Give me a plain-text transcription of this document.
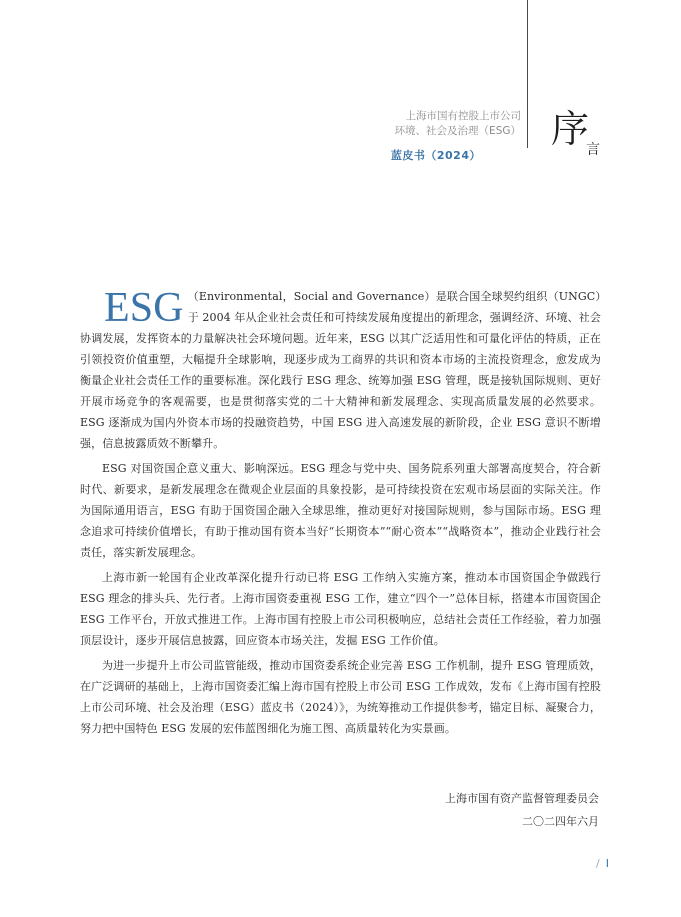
上海市国有控股上市公司
环境、社会及治理（ESG）
蓝皮书（2024）
序
言

ESG （Environmental，Social and Governance）是联合国全球契约组织（UNGC）于 2004 年从企业社会责任和可持续发展角度提出的新理念，强调经济、环境、社会协调发展，发挥资本的力量解决社会环境问题。近年来，ESG 以其广泛适用性和可量化评估的特质，正在引领投资价值重塑，大幅提升全球影响，现逐步成为工商界的共识和资本市场的主流投资理念，愈发成为衡量企业社会责任工作的重要标准。深化践行 ESG 理念、统筹加强 ESG 管理，既是接轨国际规则、更好开展市场竞争的客观需要，也是贯彻落实党的二十大精神和新发展理念、实现高质量发展的必然要求。ESG 逐渐成为国内外资本市场的投融资趋势，中国 ESG 进入高速发展的新阶段，企业 ESG 意识不断增强，信息披露质效不断攀升。

ESG 对国资国企意义重大、影响深远。ESG 理念与党中央、国务院系列重大部署高度契合，符合新时代、新要求，是新发展理念在微观企业层面的具象投影，是可持续投资在宏观市场层面的实际关注。作为国际通用语言，ESG 有助于国资国企融入全球思维，推动更好对接国际规则，参与国际市场。ESG 理念追求可持续价值增长，有助于推动国有资本当好“长期资本”“耐心资本”“战略资本”，推动企业践行社会责任，落实新发展理念。

上海市新一轮国有企业改革深化提升行动已将 ESG 工作纳入实施方案，推动本市国资国企争做践行 ESG 理念的排头兵、先行者。上海市国资委重视 ESG 工作，建立“四个一”总体目标，搭建本市国资国企 ESG 工作平台，开放式推进工作。上海市国有控股上市公司积极响应，总结社会责任工作经验，着力加强顶层设计，逐步开展信息披露，回应资本市场关注，发掘 ESG 工作价值。

为进一步提升上市公司监管能级，推动市国资委系统企业完善 ESG 工作机制，提升 ESG 管理质效，在广泛调研的基础上，上海市国资委汇编上海市国有控股上市公司 ESG 工作成效，发布《上海市国有控股上市公司环境、社会及治理（ESG）蓝皮书（2024）》，为统筹推动工作提供参考，锚定目标、凝聚合力，努力把中国特色 ESG 发展的宏伟蓝图细化为施工图、高质量转化为实景画。

上海市国有资产监督管理委员会
二〇二四年六月
/ I
